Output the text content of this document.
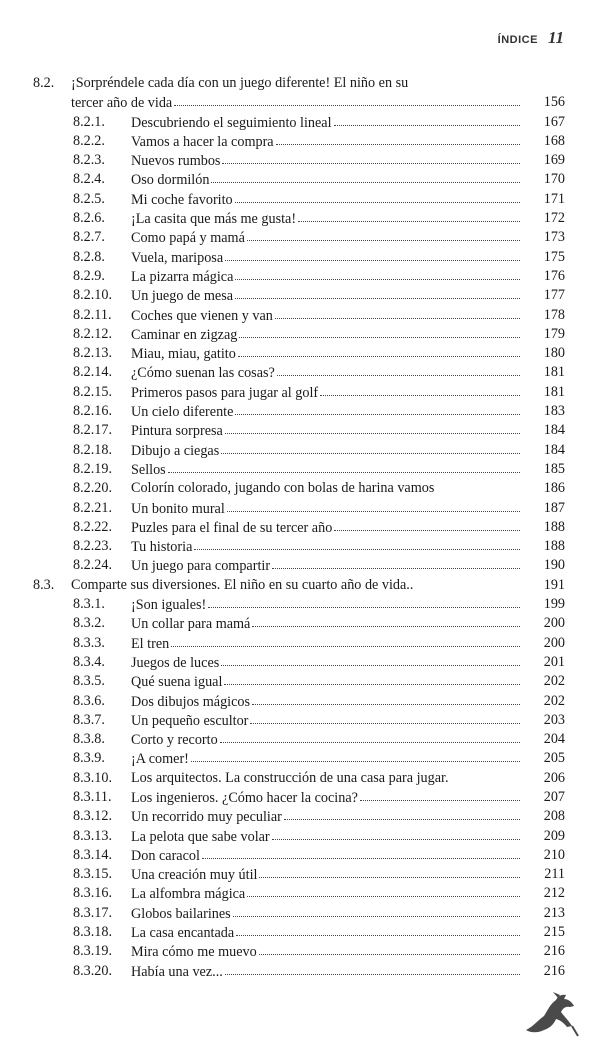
ÍNDICE 11
8.2. ¡Sorpréndele cada día con un juego diferente! El niño en su
tercer año de vida	156
8.2.1. Descubriendo el seguimiento lineal	167
8.2.2. Vamos a hacer la compra	168
8.2.3. Nuevos rumbos	169
8.2.4. Oso dormilón	170
8.2.5. Mi coche favorito	171
8.2.6. ¡La casita que más me gusta!	172
8.2.7. Como papá y mamá	173
8.2.8. Vuela, mariposa	175
8.2.9. La pizarra mágica	176
8.2.10. Un juego de mesa	177
8.2.11. Coches que vienen y van	178
8.2.12. Caminar en zigzag	179
8.2.13. Miau, miau, gatito	180
8.2.14. ¿Cómo suenan las cosas?	181
8.2.15. Primeros pasos para jugar al golf	181
8.2.16. Un cielo diferente	183
8.2.17. Pintura sorpresa	184
8.2.18. Dibujo a ciegas	184
8.2.19. Sellos	185
8.2.20. Colorín colorado, jugando con bolas de harina vamos	186
8.2.21. Un bonito mural	187
8.2.22. Puzles para el final de su tercer año	188
8.2.23. Tu historia	188
8.2.24. Un juego para compartir	190
8.3. Comparte sus diversiones. El niño en su cuarto año de vida..	191
8.3.1. ¡Son iguales!	199
8.3.2. Un collar para mamá	200
8.3.3. El tren	200
8.3.4. Juegos de luces	201
8.3.5. Qué suena igual	202
8.3.6. Dos dibujos mágicos	202
8.3.7. Un pequeño escultor	203
8.3.8. Corto y recorto	204
8.3.9. ¡A comer!	205
8.3.10. Los arquitectos. La construcción de una casa para jugar.	206
8.3.11. Los ingenieros. ¿Cómo hacer la cocina?	207
8.3.12. Un recorrido muy peculiar	208
8.3.13. La pelota que sabe volar	209
8.3.14. Don caracol	210
8.3.15. Una creación muy útil	211
8.3.16. La alfombra mágica	212
8.3.17. Globos bailarines	213
8.3.18. La casa encantada	215
8.3.19. Mira cómo me muevo	216
8.3.20. Había una vez...	216
